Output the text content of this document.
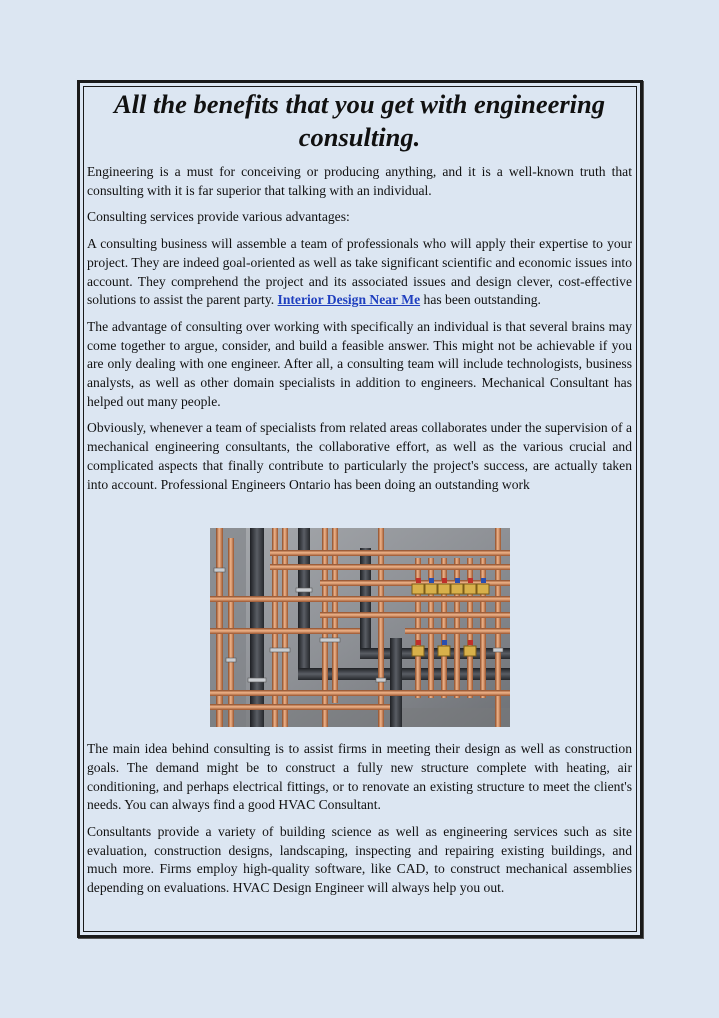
All the benefits that you get with engineering consulting.

Engineering is a must for conceiving or producing anything, and it is a well-known truth that consulting with it is far superior that talking with an individual.

Consulting services provide various advantages:

A consulting business will assemble a team of professionals who will apply their expertise to your project. They are indeed goal-oriented as well as take significant scientific and economic issues into account. They comprehend the project and its associated issues and design clever, cost-effective solutions to assist the parent party. Interior Design Near Me has been outstanding.

The advantage of consulting over working with specifically an individual is that several brains may come together to argue, consider, and build a feasible answer. This might not be achievable if you are only dealing with one engineer. After all, a consulting team will include technologists, business analysts, as well as other domain specialists in addition to engineers. Mechanical Consultant has helped out many people.

Obviously, whenever a team of specialists from related areas collaborates under the supervision of a mechanical engineering consultants, the collaborative effort, as well as the various crucial and complicated aspects that finally contribute to particularly the project's success, are actually taken into account. Professional Engineers Ontario has been doing an outstanding work

The main idea behind consulting is to assist firms in meeting their design as well as construction goals. The demand might be to construct a fully new structure complete with heating, air conditioning, and perhaps electrical fittings, or to renovate an existing structure to meet the client's needs. You can always find a good HVAC Consultant.

Consultants provide a variety of building science as well as engineering services such as site evaluation, construction designs, landscaping, inspecting and repairing existing buildings, and much more. Firms employ high-quality software, like CAD, to construct mechanical assemblies depending on evaluations. HVAC Design Engineer will always help you out.
